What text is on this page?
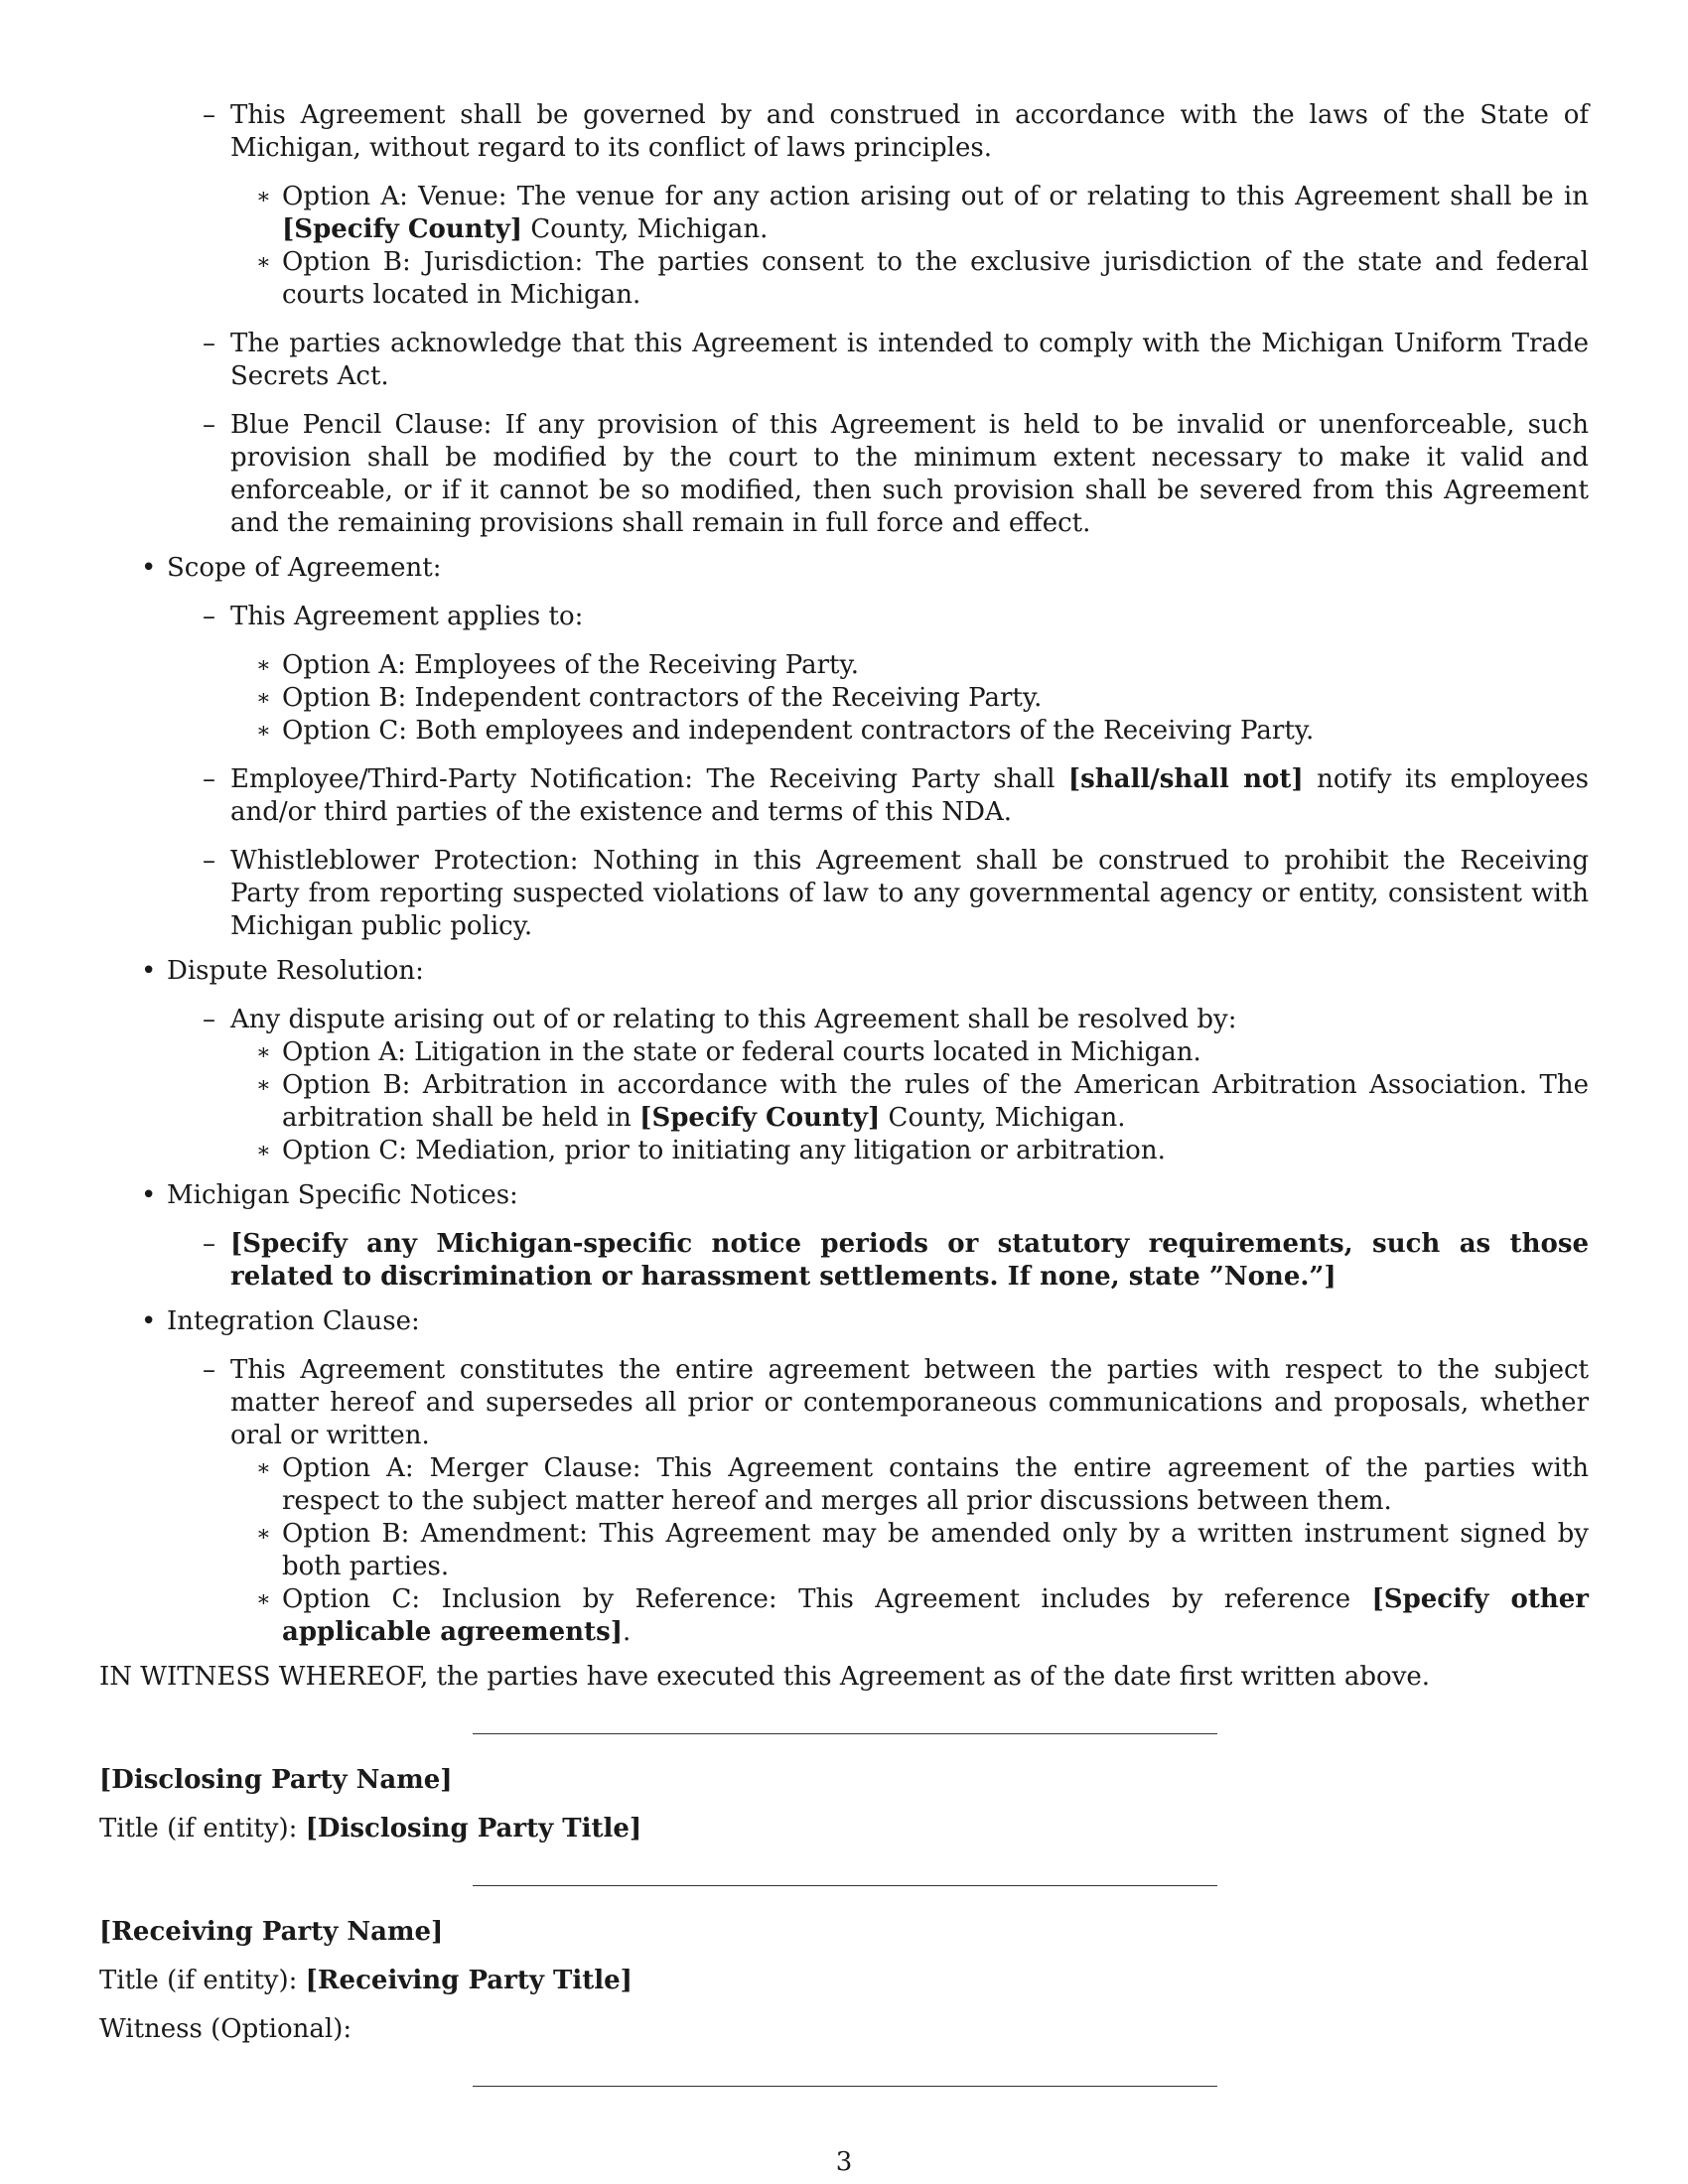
– This Agreement shall be governed by and construed in accordance with the laws of the State of Michigan, without regard to its conflict of laws principles.
∗ Option A: Venue: The venue for any action arising out of or relating to this Agreement shall be in [Specify County] County, Michigan.
∗ Option B: Jurisdiction: The parties consent to the exclusive jurisdiction of the state and federal courts located in Michigan.
– The parties acknowledge that this Agreement is intended to comply with the Michigan Uniform Trade Secrets Act.
– Blue Pencil Clause: If any provision of this Agreement is held to be invalid or unenforceable, such provision shall be modified by the court to the minimum extent necessary to make it valid and enforceable, or if it cannot be so modified, then such provision shall be severed from this Agreement and the remaining provisions shall remain in full force and effect.
• Scope of Agreement:
– This Agreement applies to:
∗ Option A: Employees of the Receiving Party.
∗ Option B: Independent contractors of the Receiving Party.
∗ Option C: Both employees and independent contractors of the Receiving Party.
– Employee/Third-Party Notification: The Receiving Party shall [shall/shall not] notify its employees and/or third parties of the existence and terms of this NDA.
– Whistleblower Protection: Nothing in this Agreement shall be construed to prohibit the Receiving Party from reporting suspected violations of law to any governmental agency or entity, consistent with Michigan public policy.
• Dispute Resolution:
– Any dispute arising out of or relating to this Agreement shall be resolved by:
∗ Option A: Litigation in the state or federal courts located in Michigan.
∗ Option B: Arbitration in accordance with the rules of the American Arbitration Association. The arbitration shall be held in [Specify County] County, Michigan.
∗ Option C: Mediation, prior to initiating any litigation or arbitration.
• Michigan Specific Notices:
– [Specify any Michigan-specific notice periods or statutory requirements, such as those related to discrimination or harassment settlements. If none, state ”None.”]
• Integration Clause:
– This Agreement constitutes the entire agreement between the parties with respect to the subject matter hereof and supersedes all prior or contemporaneous communications and proposals, whether oral or written.
∗ Option A: Merger Clause: This Agreement contains the entire agreement of the parties with respect to the subject matter hereof and merges all prior discussions between them.
∗ Option B: Amendment: This Agreement may be amended only by a written instrument signed by both parties.
∗ Option C: Inclusion by Reference: This Agreement includes by reference [Specify other applicable agreements].
IN WITNESS WHEREOF, the parties have executed this Agreement as of the date first written above.
[Disclosing Party Name]
Title (if entity): [Disclosing Party Title]
[Receiving Party Name]
Title (if entity): [Receiving Party Title]
Witness (Optional):
3
